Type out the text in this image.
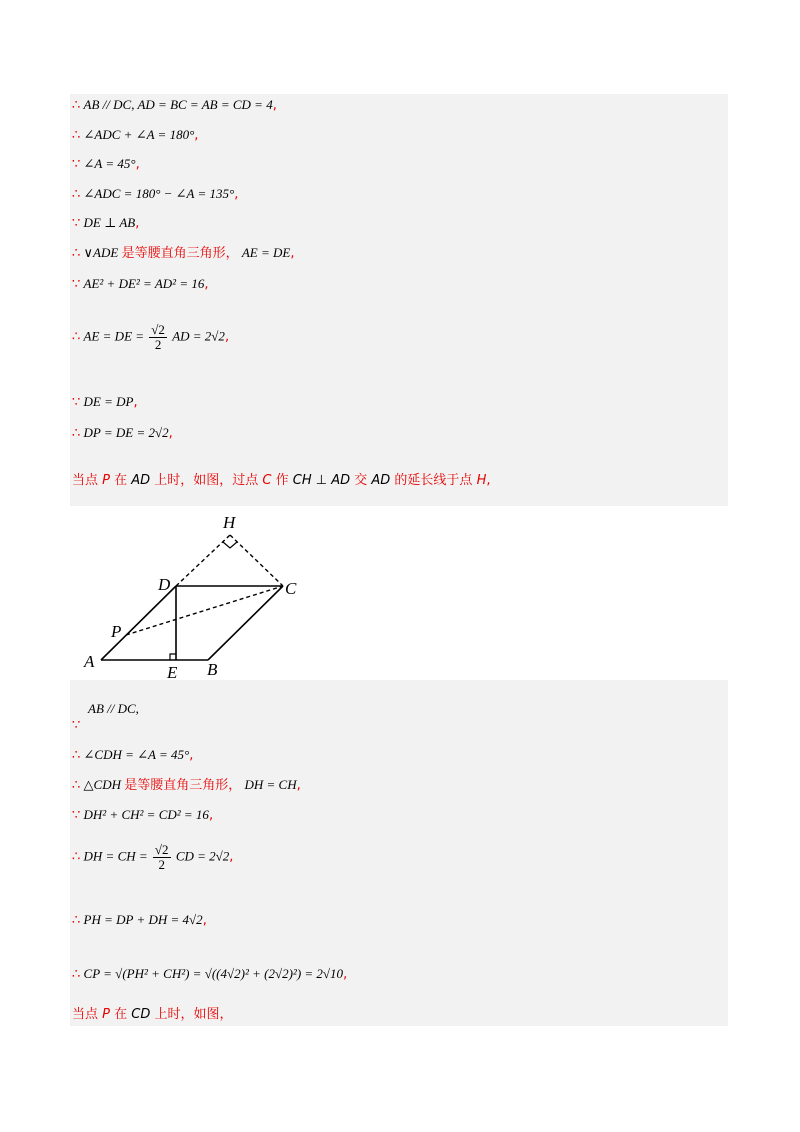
∴ AB // DC, AD = BC = AB = CD = 4,
∴ ∠ADC + ∠A = 180°,
∵ ∠A = 45°,
∴ ∠ADC = 180° − ∠A = 135°,
∵ DE ⊥ AB,
∴ ∨ADE 是等腰直角三角形， AE = DE,
∵ AE² + DE² = AD² = 16,
∴ AE = DE = $\frac{√2}{2}$ AD = 2√2,
∵ DE = DP,
∴ DP = DE = 2√2,
当点 P 在 AD 上时，如图，过点 C 作 CH ⊥ AD 交 AD 的延长线于点 H,
H
D	C
P
A
E B
AB // DC,
∵
∴ ∠CDH = ∠A = 45°,
∴ △CDH 是等腰直角三角形， DH = CH,
∵ DH² + CH² = CD² = 16,
∴ DH = CH = $\frac{√2}{2}$ CD = 2√2,
∴ PH = DP + DH = 4√2,
∴ CP = √(PH² + CH²) = √((4√2)² + (2√2)²) = 2√10,
当点 P 在 CD 上时，如图，
